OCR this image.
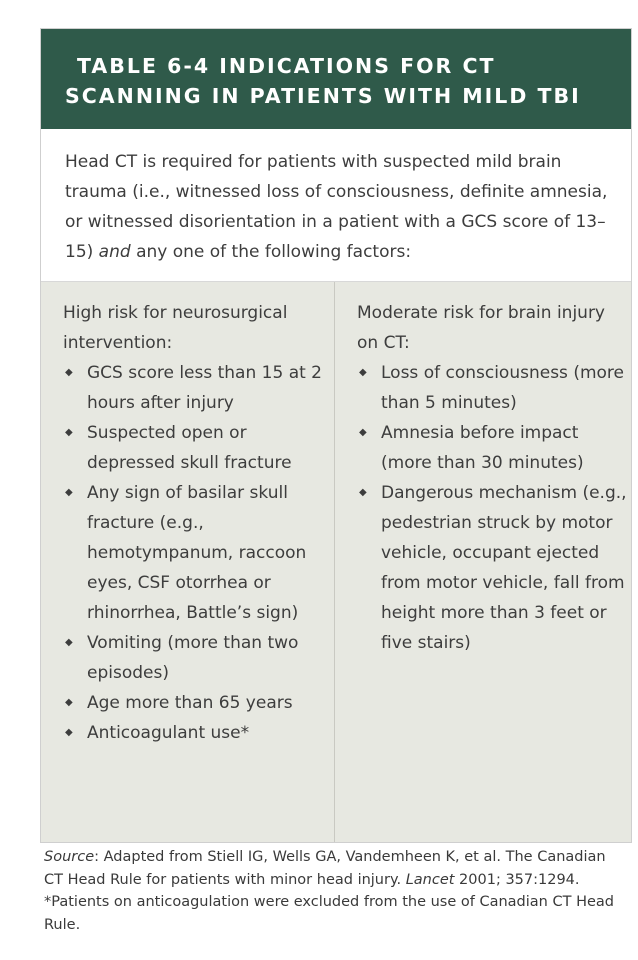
TABLE 6-4 INDICATIONS FOR CT
SCANNING IN PATIENTS WITH MILD TBI
Head CT is required for patients with suspected mild brain trauma (i.e., witnessed loss of consciousness, definite amnesia, or witnessed disorientation in a patient with a GCS score of 13–15) and any one of the following factors:
High risk for neurosurgical intervention:
◆ GCS score less than 15 at 2 hours after injury
◆ Suspected open or depressed skull fracture
◆ Any sign of basilar skull fracture (e.g., hemotympanum, raccoon eyes, CSF otorrhea or rhinorrhea, Battle’s sign)
◆ Vomiting (more than two episodes)
◆ Age more than 65 years
◆ Anticoagulant use*
Moderate risk for brain injury on CT:
◆ Loss of consciousness (more than 5 minutes)
◆ Amnesia before impact (more than 30 minutes)
◆ Dangerous mechanism (e.g., pedestrian struck by motor vehicle, occupant ejected from motor vehicle, fall from height more than 3 feet or five stairs)

Source: Adapted from Stiell IG, Wells GA, Vandemheen K, et al. The Canadian CT Head Rule for patients with minor head injury. Lancet 2001; 357:1294.

*Patients on anticoagulation were excluded from the use of Canadian CT Head Rule.
